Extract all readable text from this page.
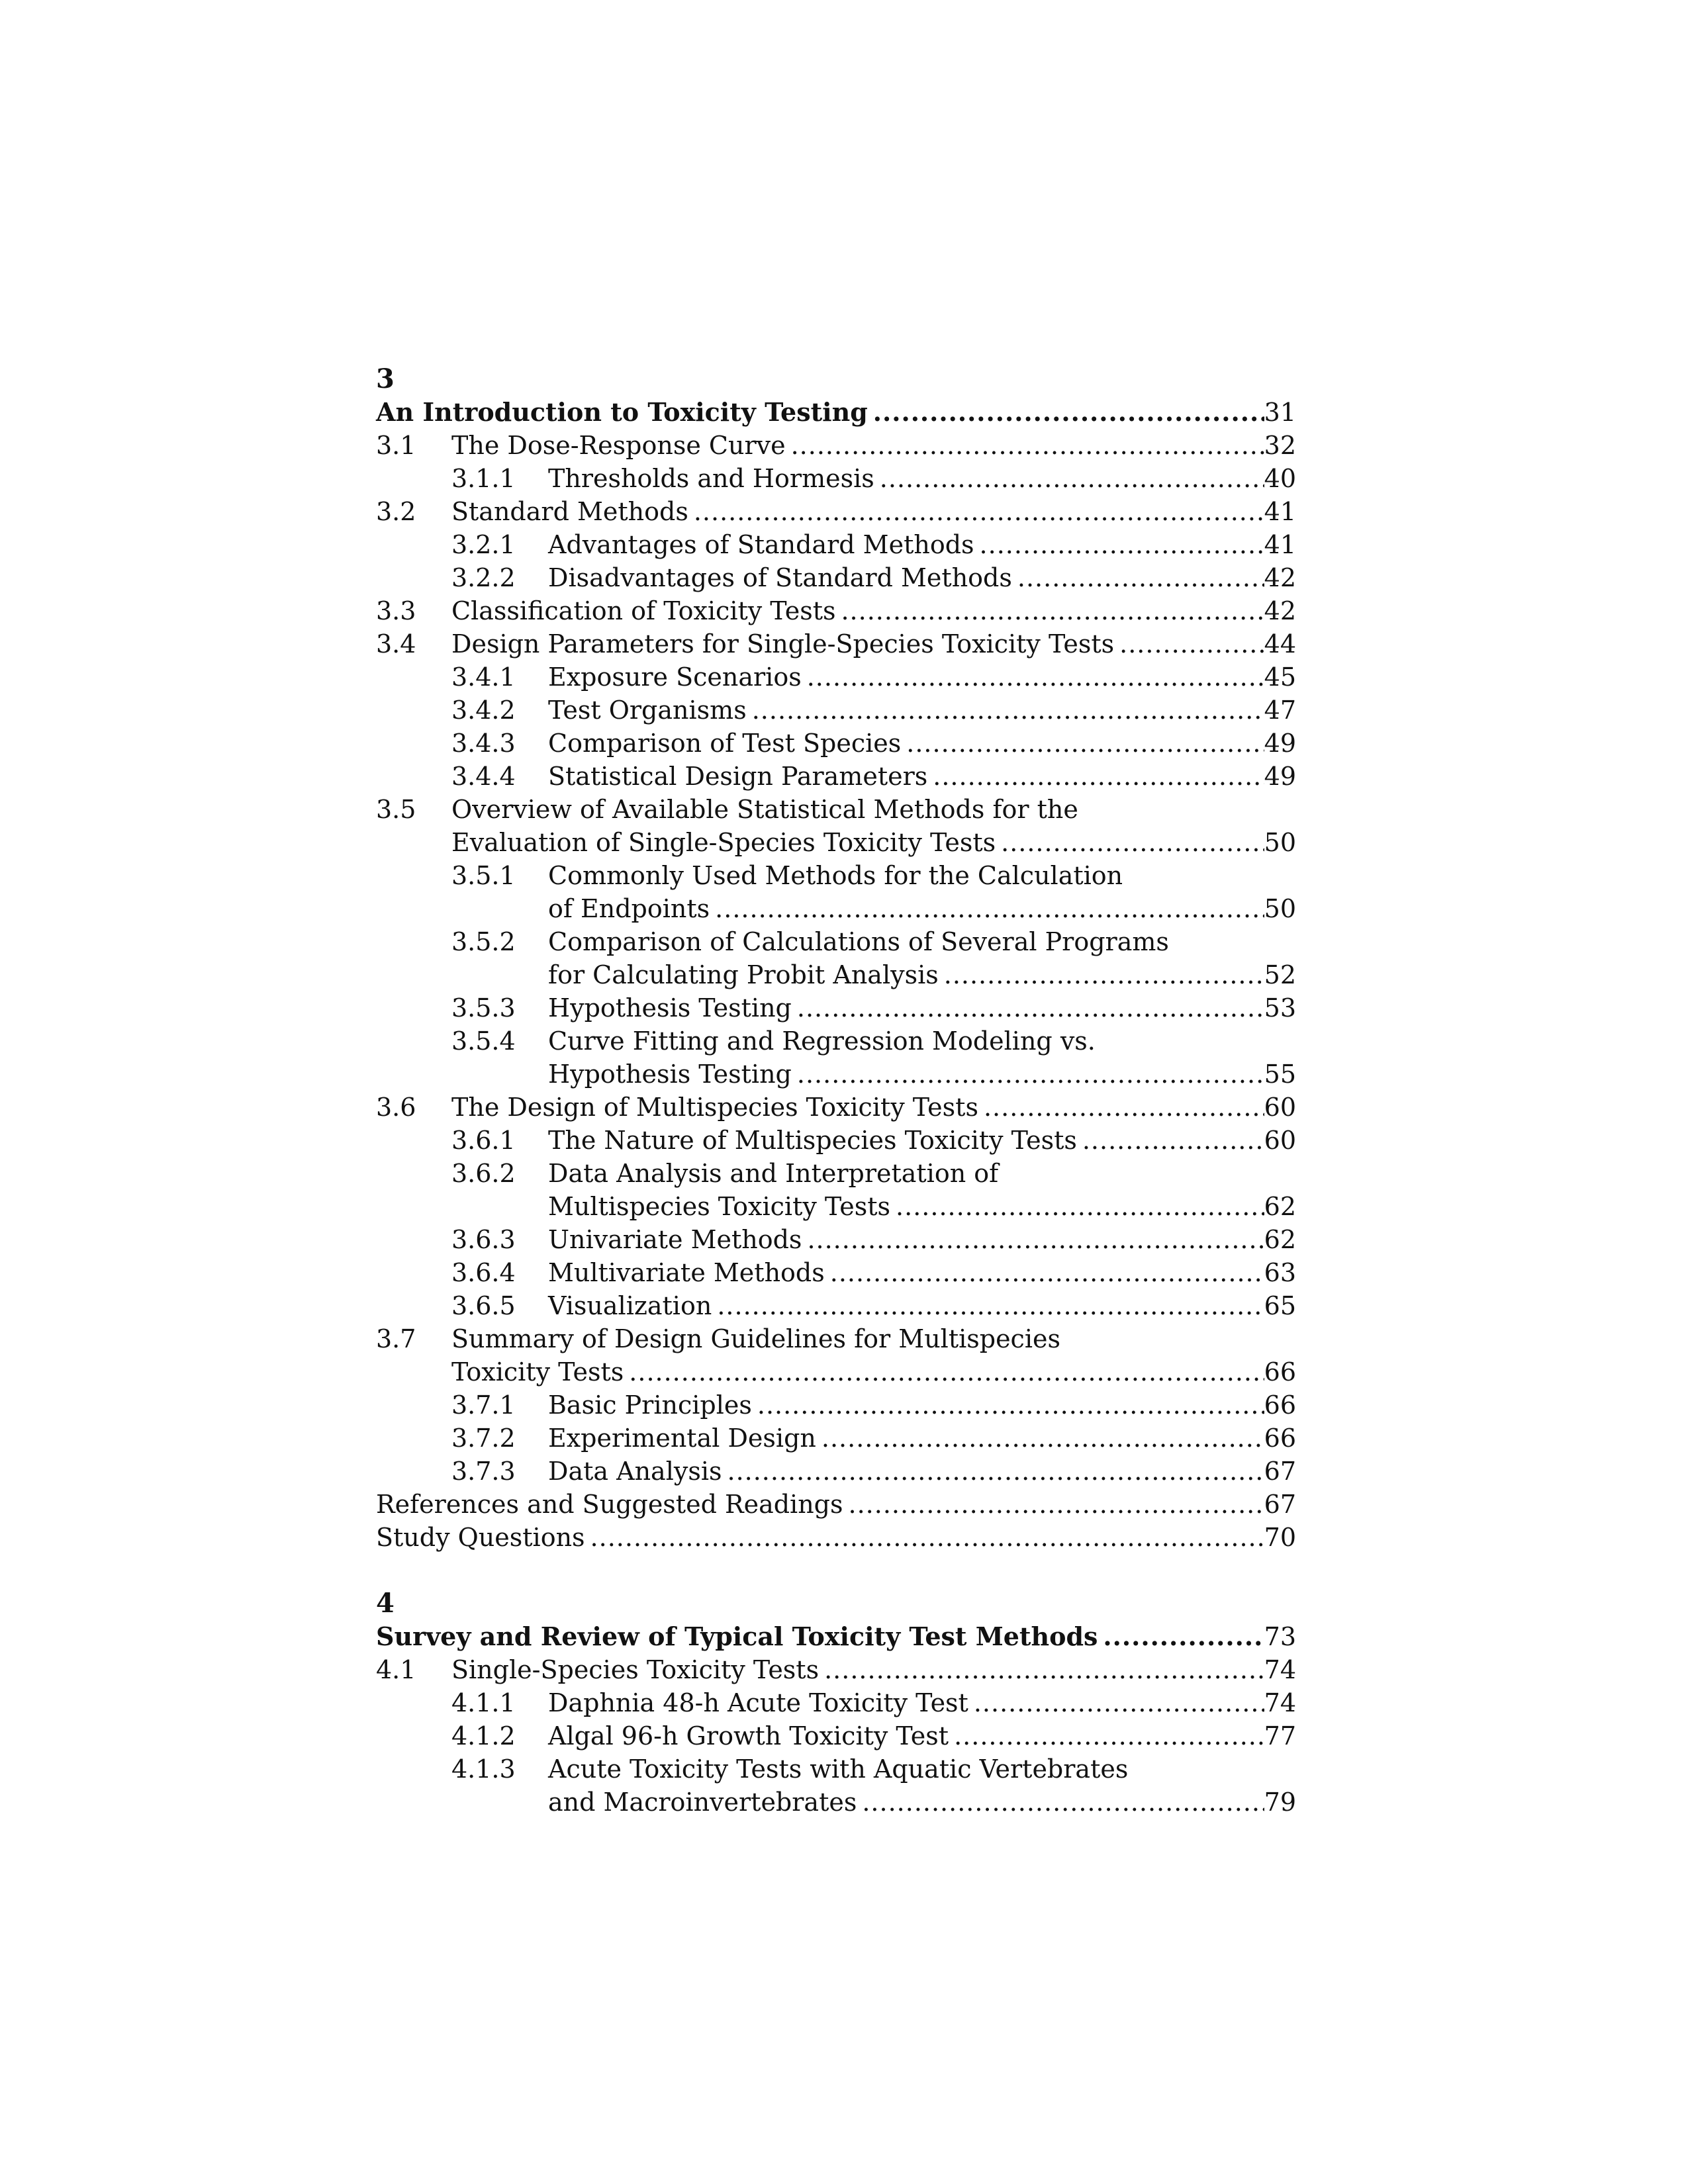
3
An Introduction to Toxicity Testing .....	31
3.1 The Dose-Response Curve .....	32
3.1.1 Thresholds and Hormesis .....	40
3.2 Standard Methods .....	41
3.2.1 Advantages of Standard Methods .....	41
3.2.2 Disadvantages of Standard Methods .....	42
3.3 Classification of Toxicity Tests .....	42
3.4 Design Parameters for Single-Species Toxicity Tests .....	44
3.4.1 Exposure Scenarios .....	45
3.4.2 Test Organisms .....	47
3.4.3 Comparison of Test Species .....	49
3.4.4 Statistical Design Parameters .....	49
3.5 Overview of Available Statistical Methods for the
Evaluation of Single-Species Toxicity Tests .....	50
3.5.1 Commonly Used Methods for the Calculation
of Endpoints .....	50
3.5.2 Comparison of Calculations of Several Programs
for Calculating Probit Analysis .....	52
3.5.3 Hypothesis Testing .....	53
3.5.4 Curve Fitting and Regression Modeling vs.
Hypothesis Testing .....	55
3.6 The Design of Multispecies Toxicity Tests .....	60
3.6.1 The Nature of Multispecies Toxicity Tests .....	60
3.6.2 Data Analysis and Interpretation of
Multispecies Toxicity Tests .....	62
3.6.3 Univariate Methods .....	62
3.6.4 Multivariate Methods .....	63
3.6.5 Visualization .....	65
3.7 Summary of Design Guidelines for Multispecies
Toxicity Tests .....	66
3.7.1 Basic Principles .....	66
3.7.2 Experimental Design .....	66
3.7.3 Data Analysis .....	67
References and Suggested Readings .....	67
Study Questions .....	70
4
Survey and Review of Typical Toxicity Test Methods .....	73
4.1 Single-Species Toxicity Tests .....	74
4.1.1 Daphnia 48-h Acute Toxicity Test .....	74
4.1.2 Algal 96-h Growth Toxicity Test .....	77
4.1.3 Acute Toxicity Tests with Aquatic Vertebrates
and Macroinvertebrates .....	79
